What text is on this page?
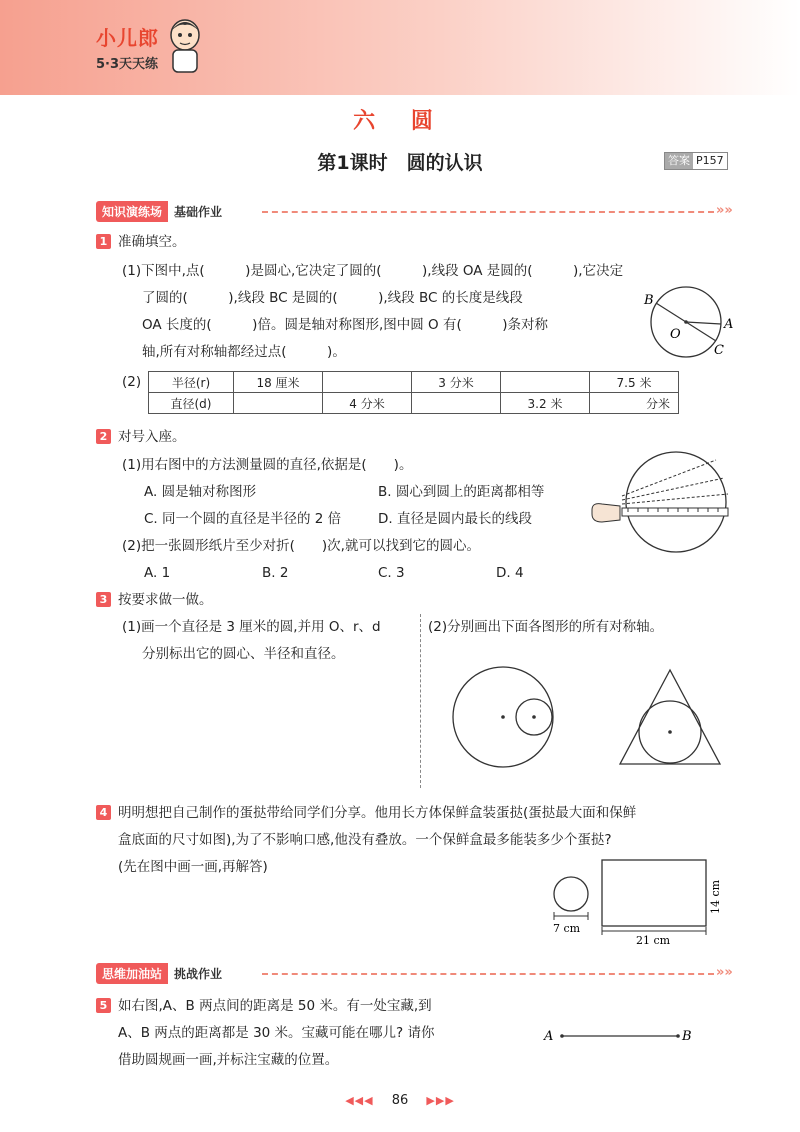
小儿郎
5·3天天练
六 圆
第1课时　圆的认识	答案 P157
知识演练场	基础作业	»»
1 准确填空。
(1)下图中,点(　　　)是圆心,它决定了圆的(　　　),线段 OA 是圆的(　　　),它决定
了圆的(　　　),线段 BC 是圆的(　　　),线段 BC 的长度是线段
OA 长度的(　　　)倍。圆是轴对称图形,图中圆 O 有(　　　)条对称
轴,所有对称轴都经过点(　　　)。
B
O
A
C
(2)	半径(r)	18 厘米		3 分米		7.5 米
直径(d)		4 分米		3.2 米	分米
2 对号入座。
(1)用右图中的方法测量圆的直径,依据是(　　)。
A. 圆是轴对称图形	B. 圆心到圆上的距离都相等
C. 同一个圆的直径是半径的 2 倍	D. 直径是圆内最长的线段
(2)把一张圆形纸片至少对折(　　)次,就可以找到它的圆心。
A. 1	B. 2	C. 3	D. 4
3 按要求做一做。
(1)画一个直径是 3 厘米的圆,并用 O、r、d
分别标出它的圆心、半径和直径。
(2)分别画出下面各图形的所有对称轴。
4 明明想把自己制作的蛋挞带给同学们分享。他用长方体保鲜盒装蛋挞(蛋挞最大面和保鲜
盒底面的尺寸如图),为了不影响口感,他没有叠放。一个保鲜盒最多能装多少个蛋挞?
(先在图中画一画,再解答)
7 cm
21 cm
14 cm
思维加油站	挑战作业	»»
5 如右图,A、B 两点间的距离是 50 米。有一处宝藏,到
A、B 两点的距离都是 30 米。宝藏可能在哪儿? 请你
借助圆规画一画,并标注宝藏的位置。
A	B
◀◀◀ 86 ▶▶▶
